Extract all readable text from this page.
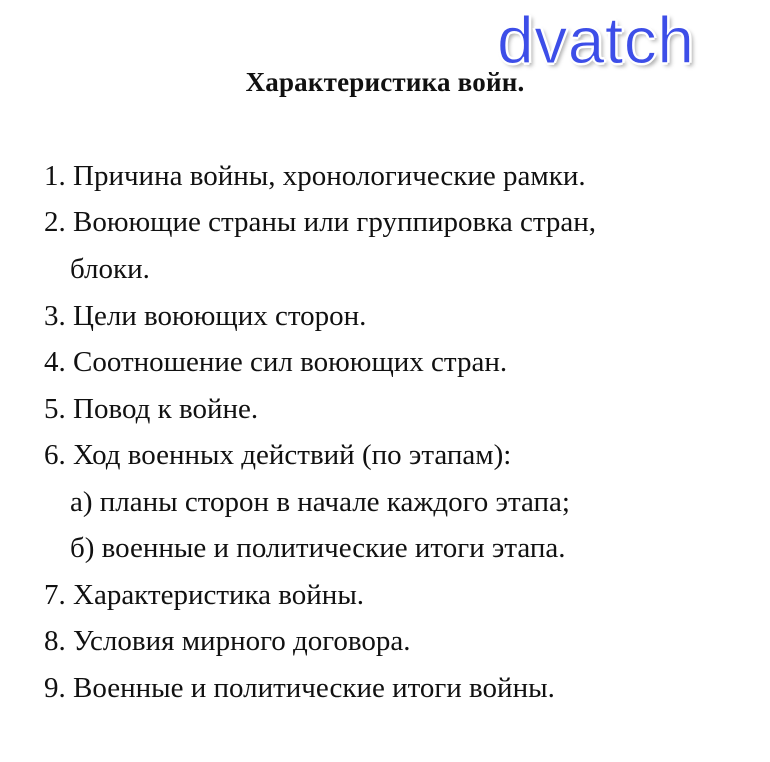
dvatch
Характеристика войн.
1. Причина войны, хронологические рамки.
2. Воюющие страны или группировка стран,
блоки.
3. Цели воюющих сторон.
4. Соотношение сил воюющих стран.
5. Повод к войне.
6. Ход военных действий (по этапам):
а) планы сторон в начале каждого этапа;
б) военные и политические итоги этапа.
7. Характеристика войны.
8. Условия мирного договора.
9. Военные и политические итоги войны.
